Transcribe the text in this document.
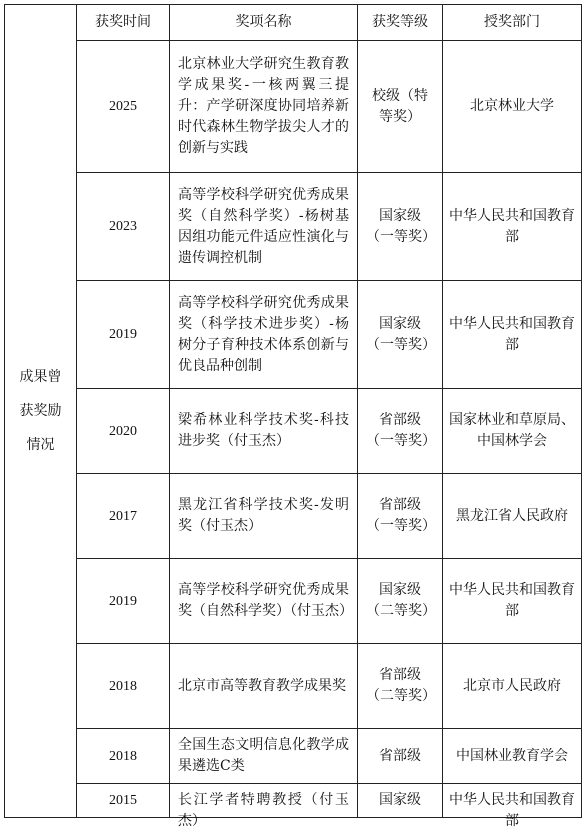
成果曾获奖励情况	获奖时间	奖项名称	获奖等级	授奖部门
	2025	北京林业大学研究生教育教学成果奖-一核两翼三提升：产学研深度协同培养新时代森林生物学拔尖人才的创新与实践	校级（特等奖）	北京林业大学
	2023	高等学校科学研究优秀成果奖（自然科学奖）-杨树基因组功能元件适应性演化与遗传调控机制	国家级（一等奖）	中华人民共和国教育部
	2019	高等学校科学研究优秀成果奖（科学技术进步奖）-杨树分子育种技术体系创新与优良品种创制	国家级（一等奖）	中华人民共和国教育部
	2020	梁希林业科学技术奖-科技进步奖（付玉杰）	省部级（一等奖）	国家林业和草原局、中国林学会
	2017	黑龙江省科学技术奖-发明奖（付玉杰）	省部级（一等奖）	黑龙江省人民政府
	2019	高等学校科学研究优秀成果奖（自然科学奖）（付玉杰）	国家级（二等奖）	中华人民共和国教育部
	2018	北京市高等教育教学成果奖	省部级（二等奖）	北京市人民政府
	2018	全国生态文明信息化教学成果遴选C类	省部级	中国林业教育学会
	2015	长江学者特聘教授（付玉杰）	国家级	中华人民共和国教育部
